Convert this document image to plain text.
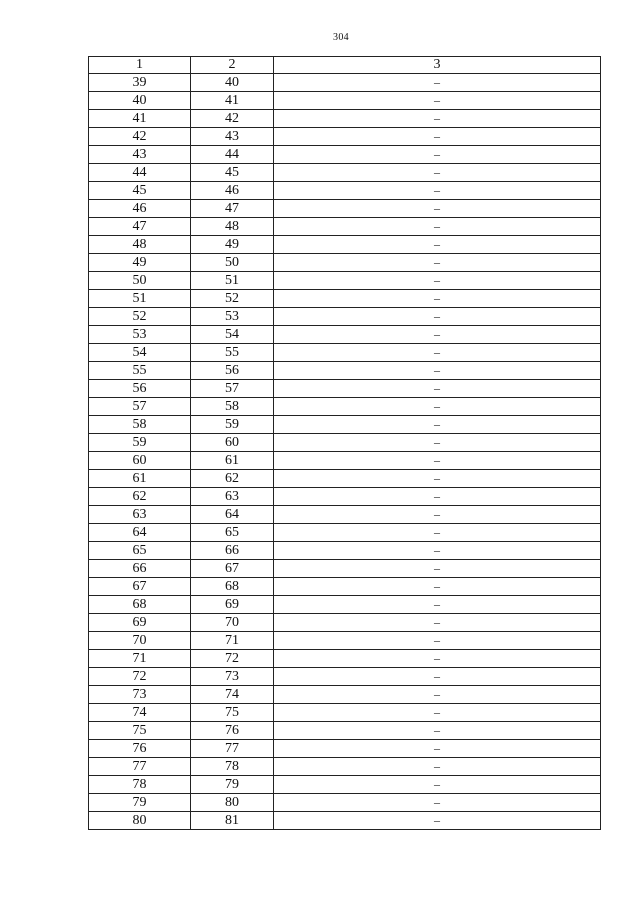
304
1	2	3
39	40	–
40	41	–
41	42	–
42	43	–
43	44	–
44	45	–
45	46	–
46	47	–
47	48	–
48	49	–
49	50	–
50	51	–
51	52	–
52	53	–
53	54	–
54	55	–
55	56	–
56	57	–
57	58	–
58	59	–
59	60	–
60	61	–
61	62	–
62	63	–
63	64	–
64	65	–
65	66	–
66	67	–
67	68	–
68	69	–
69	70	–
70	71	–
71	72	–
72	73	–
73	74	–
74	75	–
75	76	–
76	77	–
77	78	–
78	79	–
79	80	–
80	81	–
